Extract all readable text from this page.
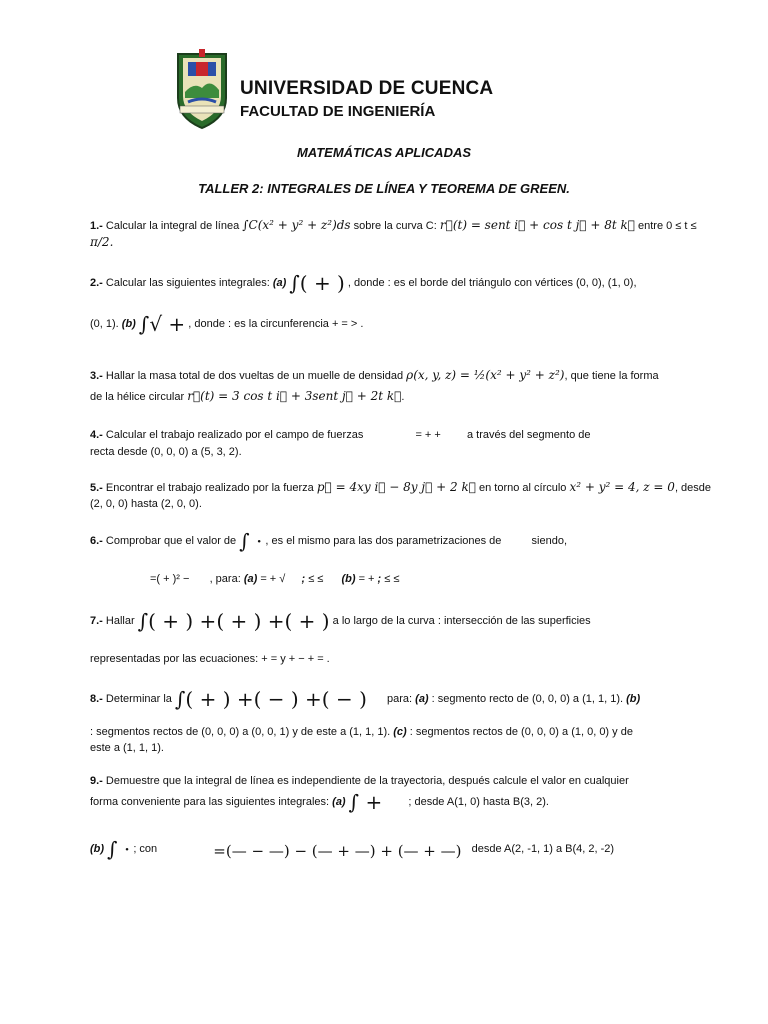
UNIVERSIDAD DE CUENCA
FACULTAD DE INGENIERÍA
MATEMÁTICAS APLICADAS
TALLER 2: INTEGRALES DE LÍNEA Y TEOREMA DE GREEN.
1.- Calcular la integral de línea ∫C(x² + y² + z²)ds sobre la curva C: r⃗(t) = sent i⃗ + cos t j⃗ + 8t k⃗ entre 0 ≤ t ≤
π/2.
2.- Calcular las siguientes integrales: (a) ∫( + ) , donde : es el borde del triángulo con vértices (0, 0), (1, 0),
(0, 1). (b) ∫√ + , donde : es la circunferencia + = > .
3.- Hallar la masa total de dos vueltas de un muelle de densidad ρ(x, y, z) = ½(x² + y² + z²), que tiene la forma
de la hélice circular r⃗(t) = 3 cos t i⃗ + 3sent j⃗ + 2t k⃗.
4.- Calcular el trabajo realizado por el campo de fuerzas	= + + a través del segmento de
recta desde (0, 0, 0) a (5, 3, 2).
5.- Encontrar el trabajo realizado por la fuerza p⃗ = 4xy i⃗ − 8y j⃗ + 2 k⃗ en torno al círculo x² + y² = 4, z = 0, desde
(2, 0, 0) hasta (2, 0, 0).
6.- Comprobar que el valor de ∫ · , es el mismo para las dos parametrizaciones de	siendo,
=( + )² − , para: (a) = + √ ; ≤ ≤ (b) = + ; ≤ ≤
7.- Hallar ∫( + ) +( + ) +( + ) a lo largo de la curva : intersección de las superficies
representadas por las ecuaciones: + = y + − + = .
8.- Determinar la ∫( + ) +( − ) +( − ) para: (a) : segmento recto de (0, 0, 0) a (1, 1, 1). (b)
: segmentos rectos de (0, 0, 0) a (0, 0, 1) y de este a (1, 1, 1). (c) : segmentos rectos de (0, 0, 0) a (1, 0, 0) y de
este a (1, 1, 1).
9.- Demuestre que la integral de línea es independiente de la trayectoria, después calcule el valor en cualquier
forma conveniente para las siguientes integrales: (a) ∫ + ; desde A(1, 0) hasta B(3, 2).
(b) ∫ · ; con	=(— − —) − (— + —) + (— + —) desde A(2, -1, 1) a B(4, 2, -2)
